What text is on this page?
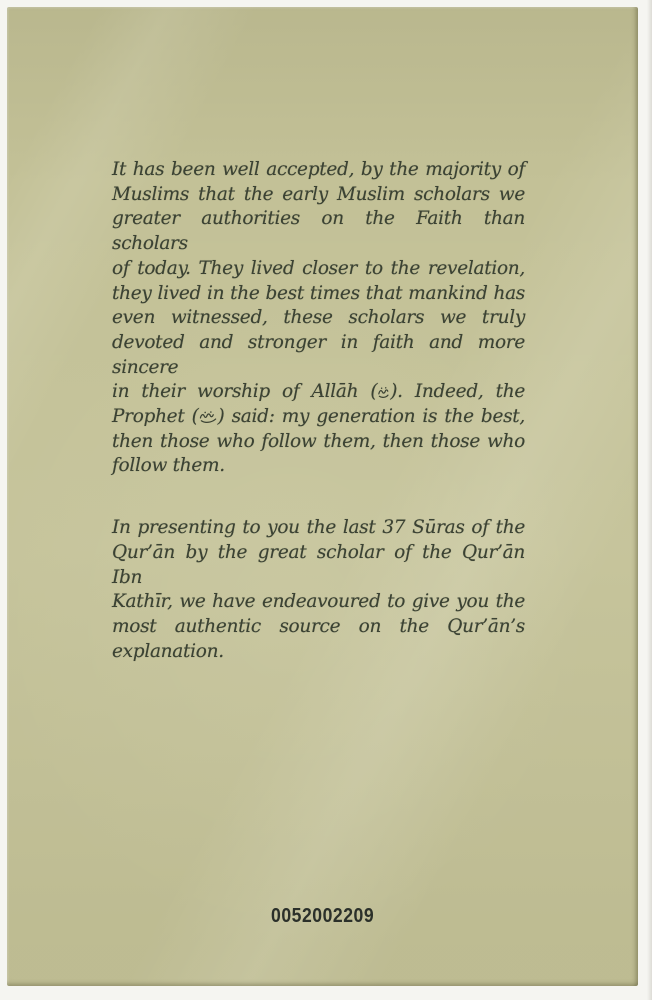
It has been well accepted, by the majority of
Muslims that the early Muslim scholars we
greater authorities on the Faith than scholars
of today. They lived closer to the revelation,
they lived in the best times that mankind has
even witnessed, these scholars we truly
devoted and stronger in faith and more sincere
in their worship of Allāh ( ). Indeed, the
Prophet ( ) said: my generation is the best,
then those who follow them, then those who
follow them.
In presenting to you the last 37 Sūras of the
Qur’ān by the great scholar of the Qur’ān Ibn
Kathīr, we have endeavoured to give you the
most authentic source on the Qur’ān’s
explanation.
0052002209
